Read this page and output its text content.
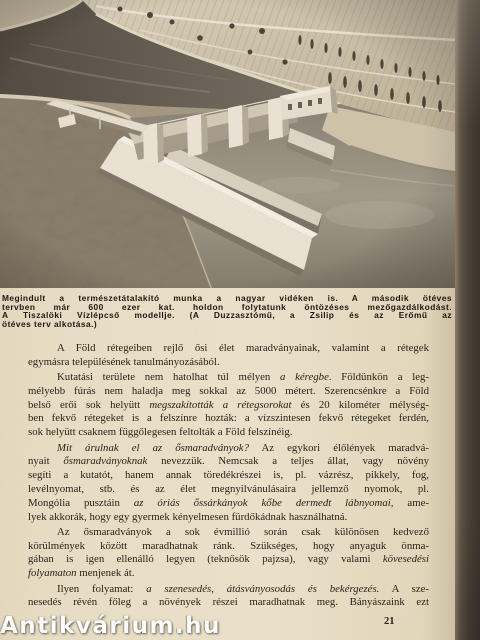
Megindult a természetátalakító munka a nagyar vidéken is. A második ötéves
tervben már 600 ezer kat. holdon folytatunk öntözéses mezőgazdálkodást.
A Tiszalöki Vízlépcső modellje. (A Duzzasztómű, a Zsilip és az Erőmű az
ötéves terv alkotása.)
A Föld rétegeiben rejlő ősi élet maradványainak, valamint a rétegek
egymásra településének tanulmányozásából.
Kutatási területe nem hatolhat túl mélyen a kéregbe. Földünkön a leg-
mélyebb fúrás nem haladja meg sokkal az 5000 métert. Szerencsénkre a Föld
belső erői sok helyütt megszakították a rétegsorokat és 20 kilométer mélység-
ben fekvő rétegeket is a felszínre hozták: a vízszintesen fekvő rétegeket ferdén,
sok helyütt csaknem függőlegesen feltolták a Föld felszínéig.
Mit árulnak el az ősmaradványok? Az egykori élőlények maradvá-
nyait ősmaradványoknak nevezzük. Nemcsak a teljes állat, vagy növény
segíti a kutatót, hanem annak töredékrészei is, pl. vázrész, pikkely, fog,
levélnyomat, stb. és az élet megnyilvánulásaira jellemző nyomok, pl.
Mongólia pusztáin az óriás őssárkányok kőbe dermedt lábnyomai, ame-
lyek akkorák, hogy egy gyermek kényelmesen fürdőkádnak használhatná.
Az ősmaradványok a sok évmillió során csak különösen kedvező
körülmények között maradhatnak ránk. Szükséges, hogy anyaguk önma-
gában is igen ellenálló legyen (teknősök pajzsa), vagy valami kövesedési
folyamaton menjenek át.
Ilyen folyamat: a szenesedés, átásványosodás és bekérgezés. A sze-
nesedés révén főleg a növények részei maradhatnak meg. Bányászaink ezt
21
Antikvárium.hu
